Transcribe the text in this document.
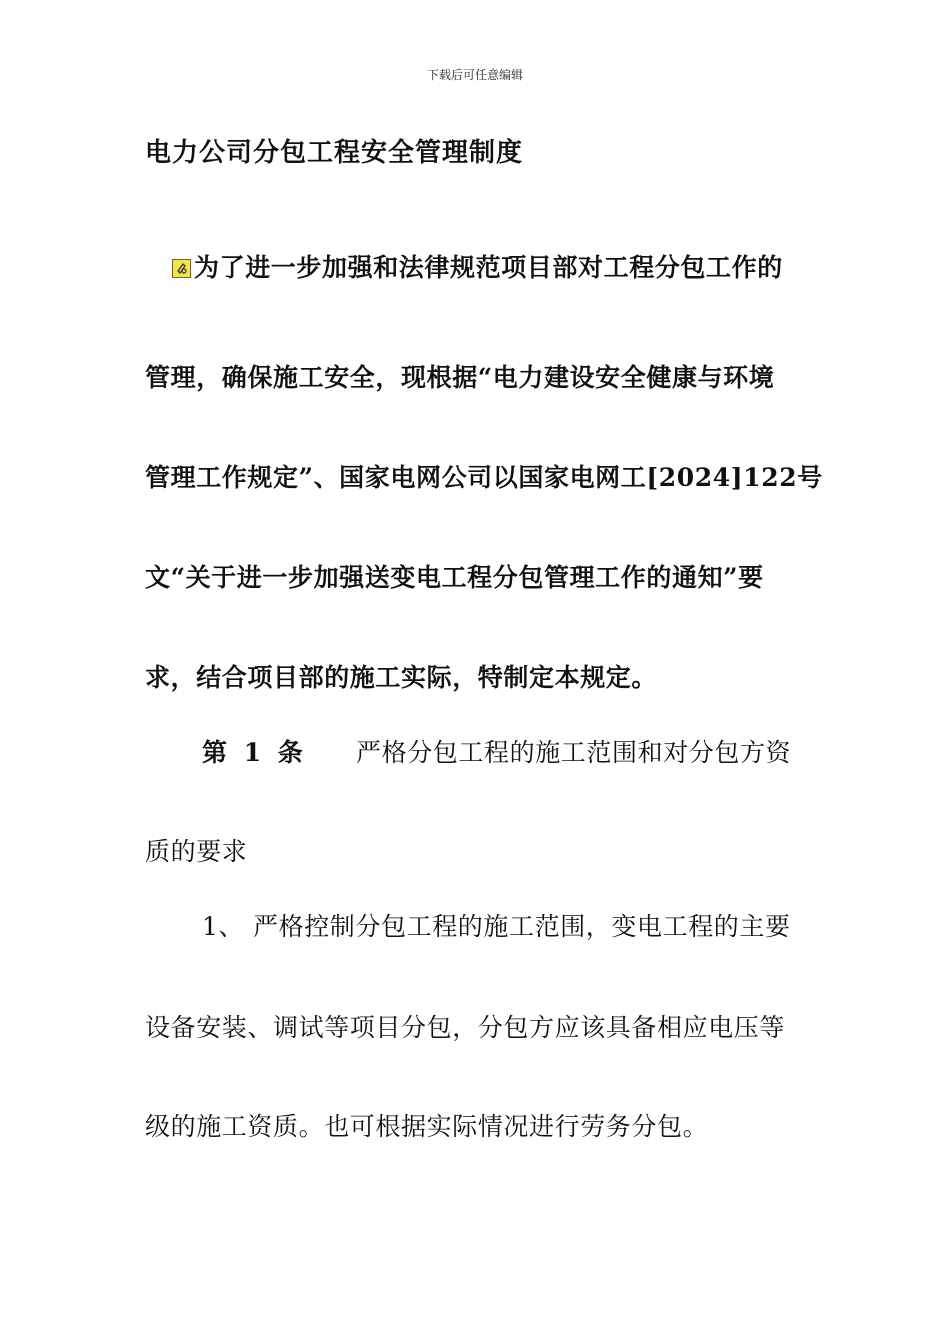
下载后可任意编辑
电力公司分包工程安全管理制度
为了进一步加强和法律规范项目部对工程分包工作的
管理，确保施工安全，现根据“电力建设安全健康与环境
管理工作规定”、国家电网公司以国家电网工[2024]122号
文“关于进一步加强送变电工程分包管理工作的通知”要
求，结合项目部的施工实际，特制定本规定。
第 1 条 严格分包工程的施工范围和对分包方资
质的要求
1、 严格控制分包工程的施工范围，变电工程的主要
设备安装、调试等项目分包，分包方应该具备相应电压等
级的施工资质。也可根据实际情况进行劳务分包。
